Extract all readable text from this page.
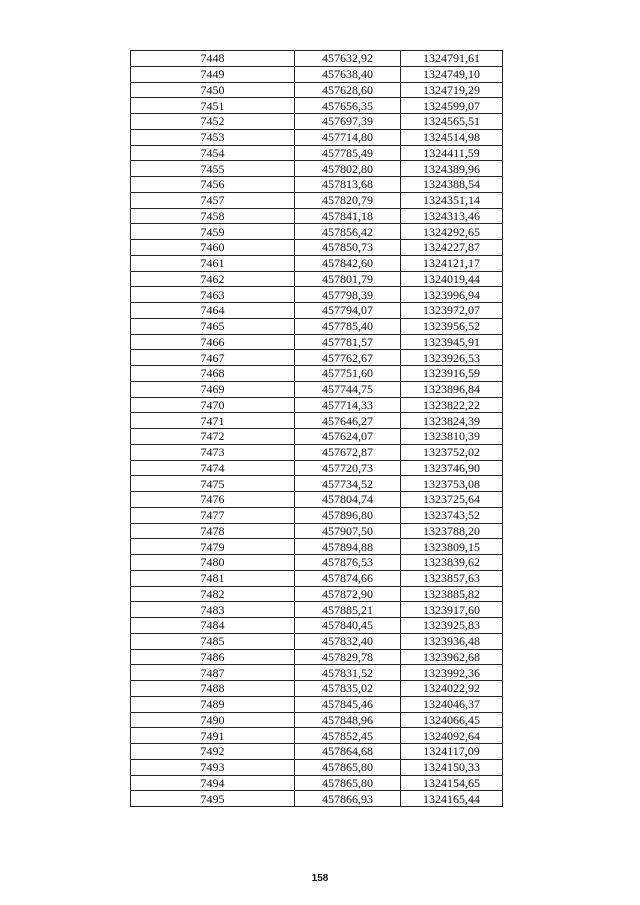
7448	457632,92	1324791,61
7449	457638,40	1324749,10
7450	457628,60	1324719,29
7451	457656,35	1324599,07
7452	457697,39	1324565,51
7453	457714,80	1324514,98
7454	457785,49	1324411,59
7455	457802,80	1324389,96
7456	457813,68	1324388,54
7457	457820,79	1324351,14
7458	457841,18	1324313,46
7459	457856,42	1324292,65
7460	457850,73	1324227,87
7461	457842,60	1324121,17
7462	457801,79	1324019,44
7463	457798,39	1323996,94
7464	457794,07	1323972,07
7465	457785,40	1323956,52
7466	457781,57	1323945,91
7467	457762,67	1323926,53
7468	457751,60	1323916,59
7469	457744,75	1323896,84
7470	457714,33	1323822,22
7471	457646,27	1323824,39
7472	457624,07	1323810,39
7473	457672,87	1323752,02
7474	457720,73	1323746,90
7475	457734,52	1323753,08
7476	457804,74	1323725,64
7477	457896,80	1323743,52
7478	457907,50	1323788,20
7479	457894,88	1323809,15
7480	457876,53	1323839,62
7481	457874,66	1323857,63
7482	457872,90	1323885,82
7483	457885,21	1323917,60
7484	457840,45	1323925,83
7485	457832,40	1323936,48
7486	457829,78	1323962,68
7487	457831,52	1323992,36
7488	457835,02	1324022,92
7489	457845,46	1324046,37
7490	457848,96	1324066,45
7491	457852,45	1324092,64
7492	457864,68	1324117,09
7493	457865,80	1324150,33
7494	457865,80	1324154,65
7495	457866,93	1324165,44
158
